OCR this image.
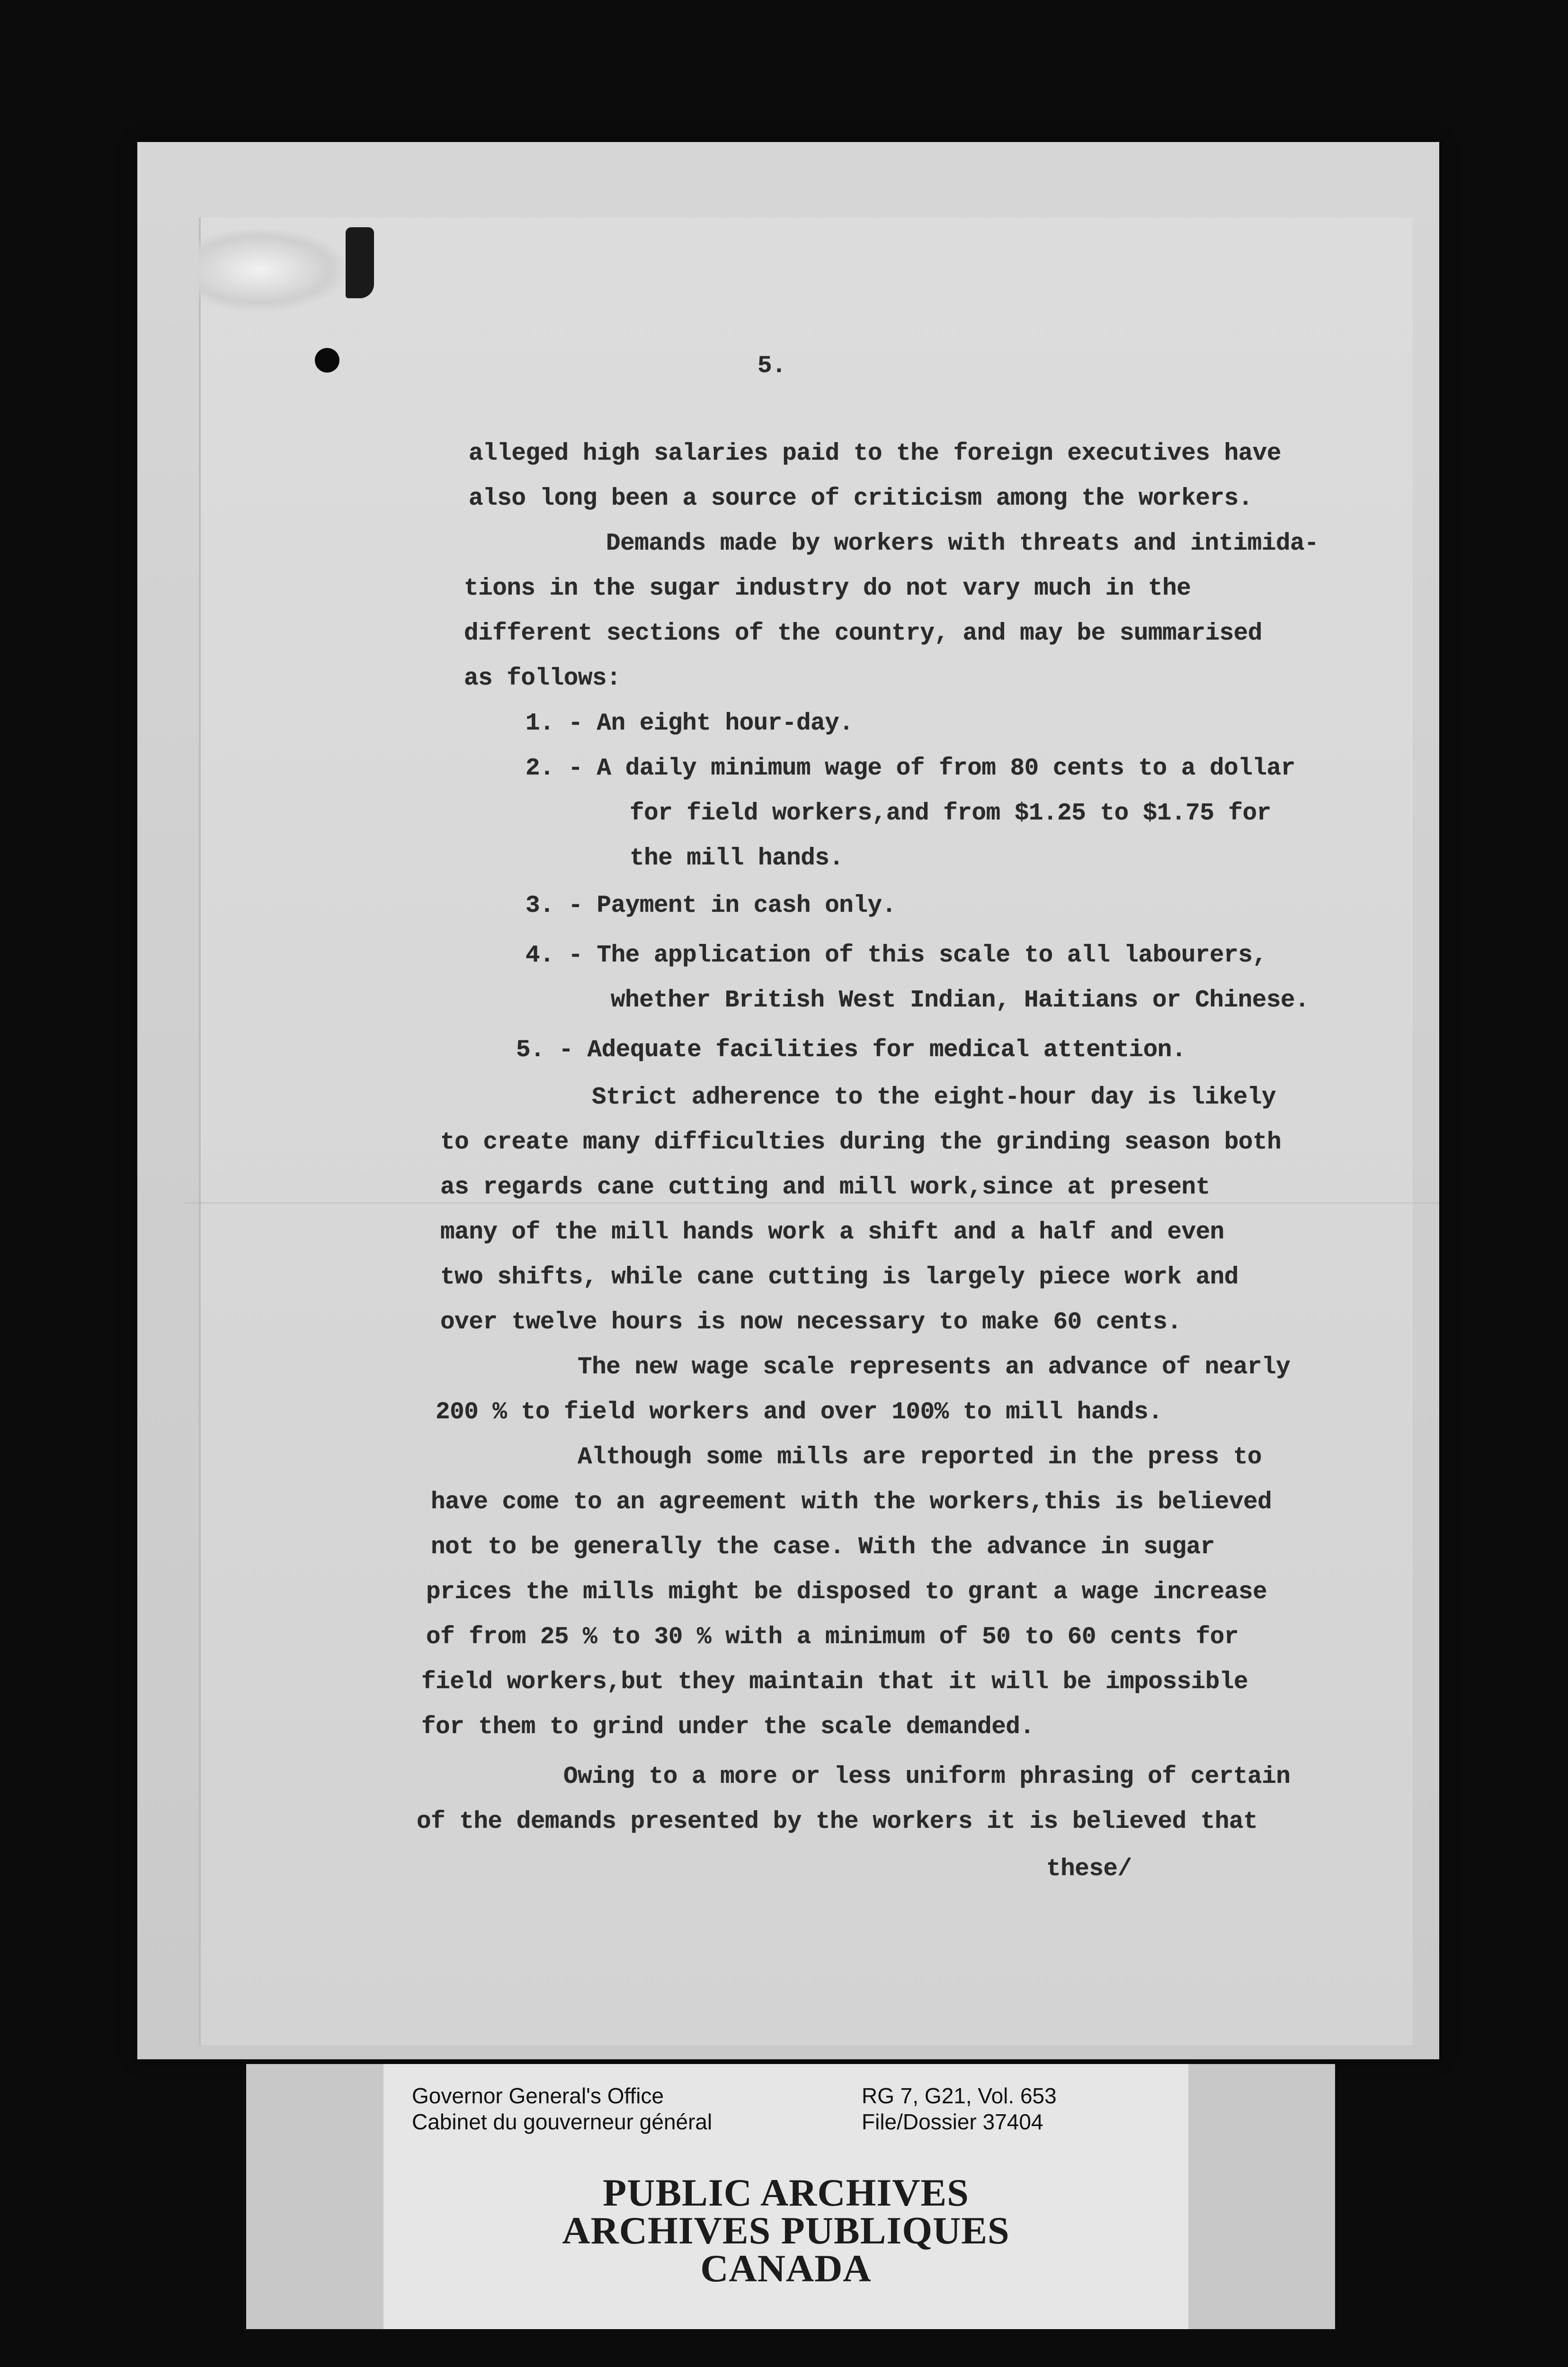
5.
alleged high salaries paid to the foreign executives have
also long been a source of criticism among the workers.
Demands made by workers with threats and intimida-
tions in the sugar industry do not vary much in the
different sections of the country, and may be summarised
as follows:
1. - An eight hour-day.
2. - A daily minimum wage of from 80 cents to a dollar
for field workers,and from $1.25 to $1.75 for
the mill hands.
3. - Payment in cash only.
4. - The application of this scale to all labourers,
whether British West Indian, Haitians or Chinese.
5. - Adequate facilities for medical attention.
Strict adherence to the eight-hour day is likely
to create many difficulties during the grinding season both
as regards cane cutting and mill work,since at present
many of the mill hands work a shift and a half and even
two shifts, while cane cutting is largely piece work and
over twelve hours is now necessary to make 60 cents.
The new wage scale represents an advance of nearly
200 % to field workers and over 100% to mill hands.
Although some mills are reported in the press to
have come to an agreement with the workers,this is believed
not to be generally the case. With the advance in sugar
prices the mills might be disposed to grant a wage increase
of from 25 % to 30 % with a minimum of 50 to 60 cents for
field workers,but they maintain that it will be impossible
for them to grind under the scale demanded.
Owing to a more or less uniform phrasing of certain
of the demands presented by the workers it is believed that
these/
Governor General's Office
Cabinet du gouverneur général
RG 7, G21, Vol. 653
File/Dossier 37404
PUBLIC ARCHIVES
ARCHIVES PUBLIQUES
CANADA
